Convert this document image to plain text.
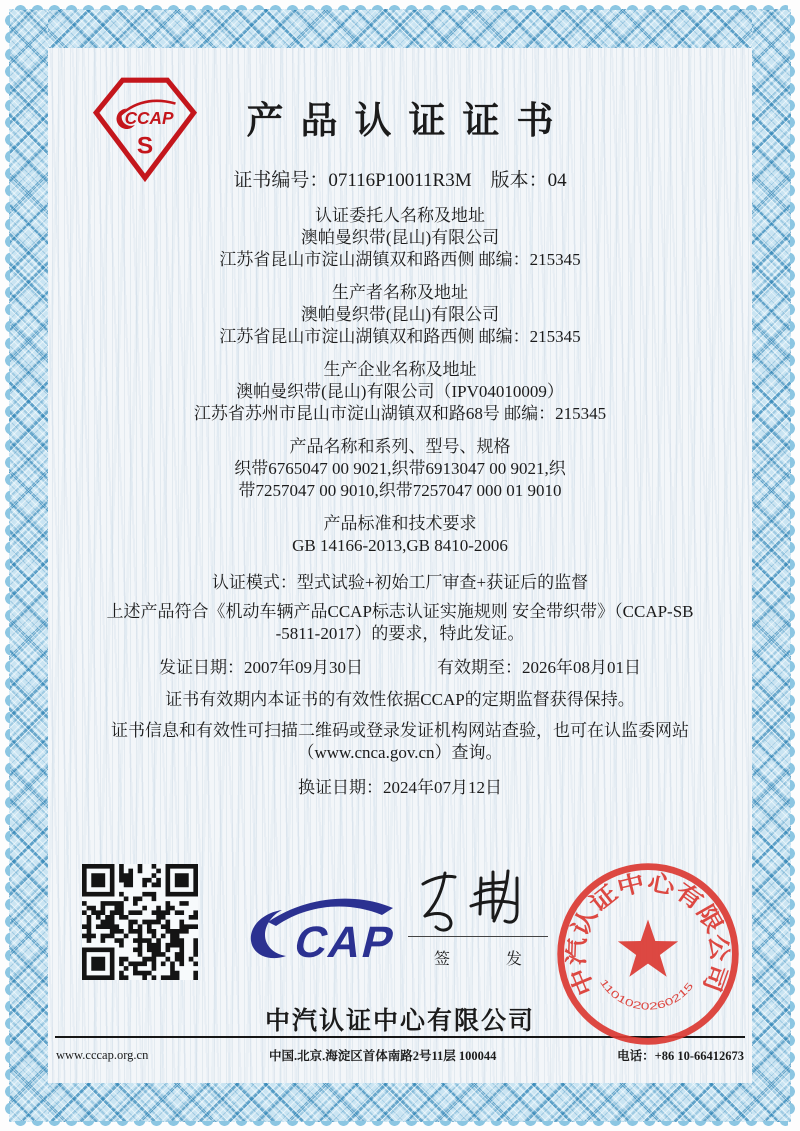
CCAP
S
产品认证证书
证书编号：07116P10011R3M　 版本：04
认证委托人名称及地址
澳帕曼织带(昆山)有限公司
江苏省昆山市淀山湖镇双和路西侧 邮编：215345
生产者名称及地址
澳帕曼织带(昆山)有限公司
江苏省昆山市淀山湖镇双和路西侧 邮编：215345
生产企业名称及地址
澳帕曼织带(昆山)有限公司（IPV04010009）
江苏省苏州市昆山市淀山湖镇双和路68号 邮编：215345
产品名称和系列、型号、规格
织带6765047 00 9021,织带6913047 00 9021,织
带7257047 00 9010,织带7257047 000 01 9010
产品标准和技术要求
GB 14166-2013,GB 8410-2006
认证模式：型式试验+初始工厂审查+获证后的监督
上述产品符合《机动车辆产品CCAP标志认证实施规则 安全带织带》（CCAP-SB
-5811-2017）的要求，特此发证。
发证日期：2007年09月30日	有效期至：2026年08月01日
证书有效期内本证书的有效性依据CCAP的定期监督获得保持。
证书信息和有效性可扫描二维码或登录发证机构网站查验，也可在认监委网站
（www.cnca.gov.cn）查询。
换证日期：2024年07月12日
CAP	签 发
中汽认证中心有限公司
1101020260215
中汽认证中心有限公司
www.cccap.org.cn	中国.北京.海淀区首体南路2号11层 100044	电话：+86 10-66412673
